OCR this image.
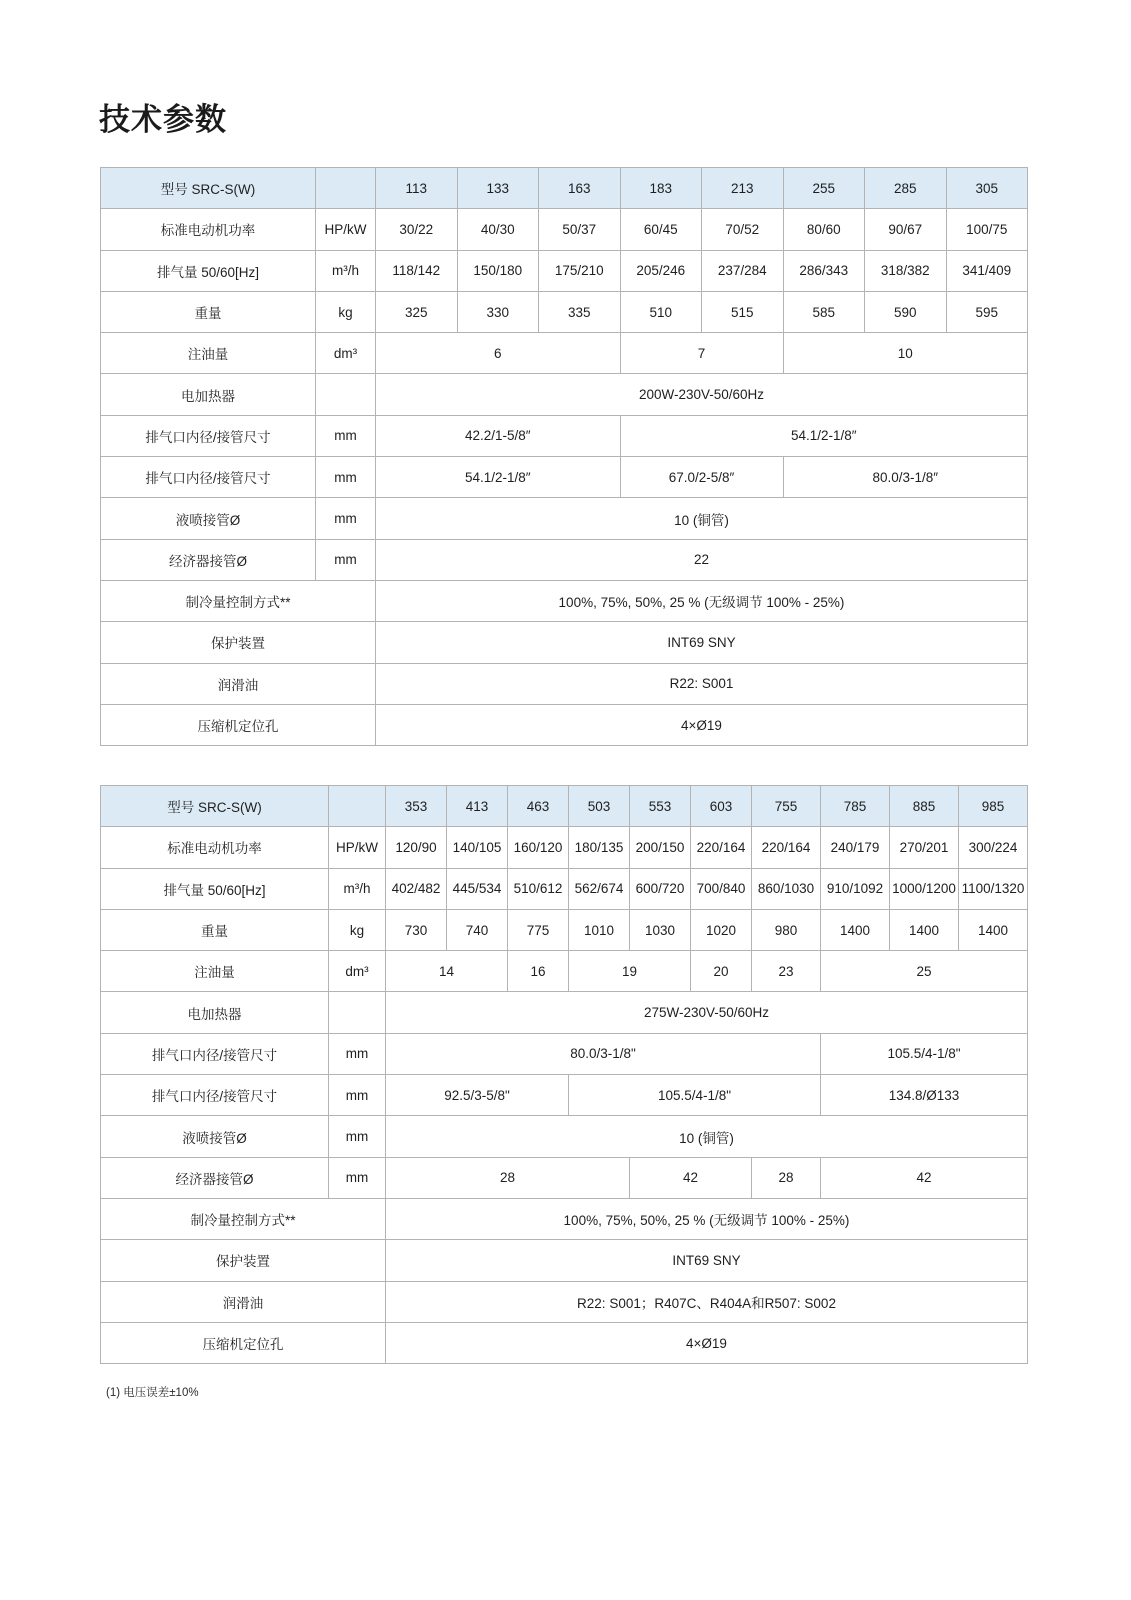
技术参数
型号 SRC-S(W)		113	133	163	183	213	255	285	305
标准电动机功率	HP/kW	30/22	40/30	50/37	60/45	70/52	80/60	90/67	100/75
排气量 50/60[Hz]	m³/h	118/142	150/180	175/210	205/246	237/284	286/343	318/382	341/409
重量	kg	325	330	335	510	515	585	590	595
注油量	dm³	6			7		10		
电加热器		200W-230V-50/60Hz							
排气口内径/接管尺寸	mm	42.2/1-5/8″			54.1/2-1/8″				
排气口内径/接管尺寸	mm	54.1/2-1/8″			67.0/2-5/8″		80.0/3-1/8″		
液喷接管Ø	mm	10 (铜管)							
经济器接管Ø	mm	22							
制冷量控制方式**		100%, 75%, 50%, 25 % (无级调节 100% - 25%)							
保护装置		INT69 SNY							
润滑油		R22: S001							
压缩机定位孔		4×Ø19							
型号 SRC-S(W)		353	413	463	503	553	603	755	785	885	985
标准电动机功率	HP/kW	120/90	140/105	160/120	180/135	200/150	220/164	220/164	240/179	270/201	300/224
排气量 50/60[Hz]	m³/h	402/482	445/534	510/612	562/674	600/720	700/840	860/1030	910/1092	1000/1200	1100/1320
重量	kg	730	740	775	1010	1030	1020	980	1400	1400	1400
注油量	dm³	14		16	19		20	23	25		
电加热器		275W-230V-50/60Hz									
排气口内径/接管尺寸	mm	80.0/3-1/8"							105.5/4-1/8"		
排气口内径/接管尺寸	mm	92.5/3-5/8"			105.5/4-1/8"				134.8/Ø133		
液喷接管Ø	mm	10 (铜管)									
经济器接管Ø	mm	28				42		28	42		
制冷量控制方式**		100%, 75%, 50%, 25 % (无级调节 100% - 25%)									
保护装置		INT69 SNY									
润滑油		R22: S001；R407C、R404A和R507: S002									
压缩机定位孔		4×Ø19									
(1) 电压误差±10%
